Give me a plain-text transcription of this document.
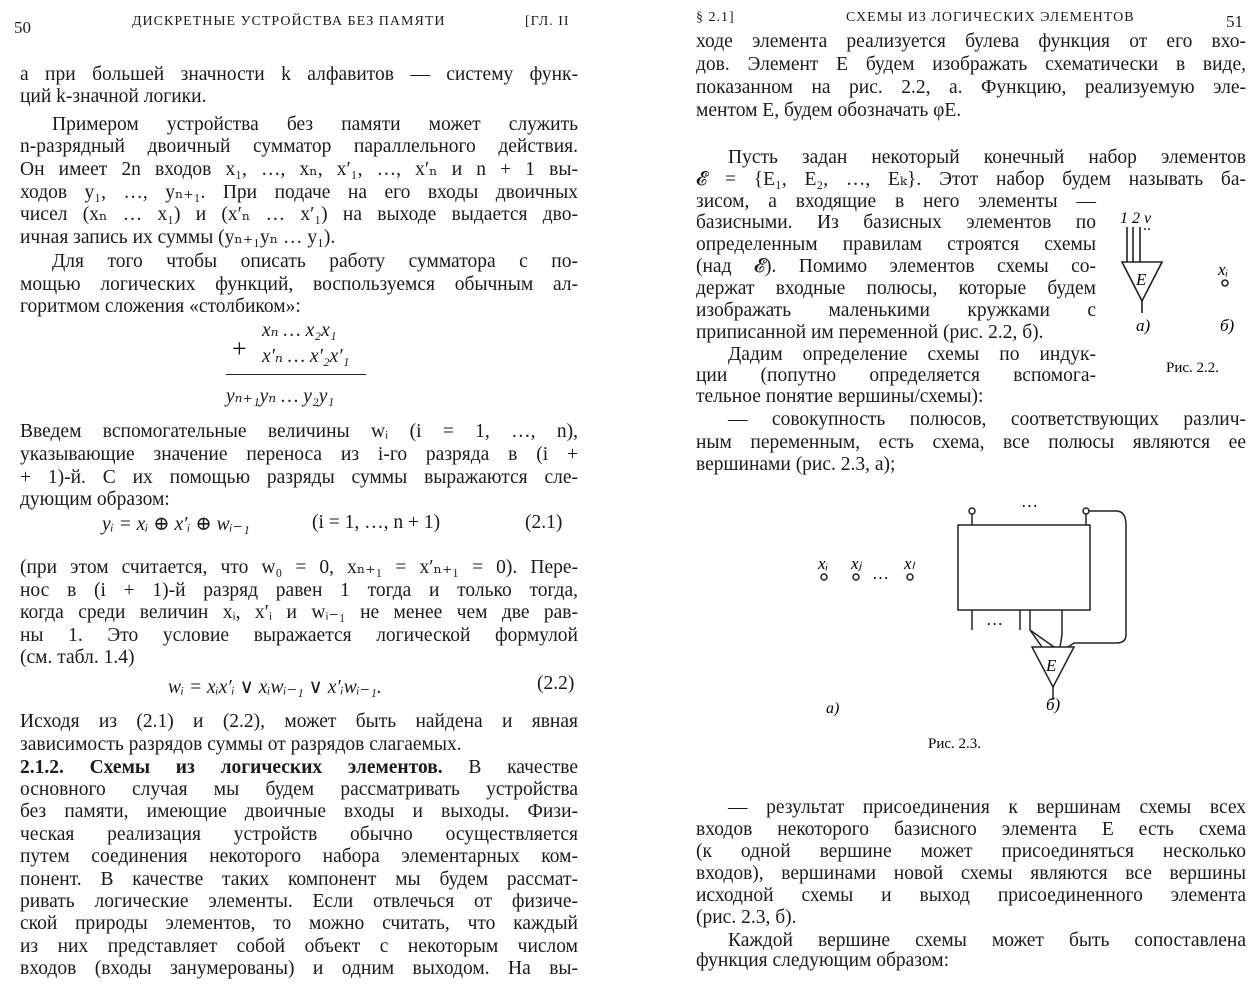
50	ДИСКРЕТНЫЕ УСТРОЙСТВА БЕЗ ПАМЯТИ	[ГЛ. II
а при большей значности k алфавитов — систему функ-
ций k-значной логики.
Примером устройства без памяти может служить
n-разрядный двоичный сумматор параллельного действия.
Он имеет 2n входов x₁, …, xₙ, x′₁, …, x′ₙ и n + 1 вы-
ходов y₁, …, yₙ₊₁. При подаче на его входы двоичных
чисел (xₙ … x₁) и (x′ₙ … x′₁) на выходе выдается дво-
ичная запись их суммы (yₙ₊₁yₙ … y₁).
Для того чтобы описать работу сумматора с по-
мощью логических функций, воспользуемся обычным ал-
горитмом сложения «столбиком»:
Введем вспомогательные величины wᵢ (i = 1, …, n),
указывающие значение переноса из i-го разряда в (i +
+ 1)-й. С их помощью разряды суммы выражаются сле-
дующим образом:
(при этом считается, что w₀ = 0, xₙ₊₁ = x′ₙ₊₁ = 0). Пере-
нос в (i + 1)-й разряд равен 1 тогда и только тогда,
когда среди величин xᵢ, x′ᵢ и wᵢ₋₁ не менее чем две рав-
ны 1. Это условие выражается логической формулой
(см. табл. 1.4)
Исходя из (2.1) и (2.2), может быть найдена и явная
зависимость разрядов суммы от разрядов слагаемых.
основного случая мы будем рассматривать устройства
без памяти, имеющие двоичные входы и выходы. Физи-
ческая реализация устройств обычно осуществляется
путем соединения некоторого набора элементарных ком-
понент. В качестве таких компонент мы будем рассмат-
ривать логические элементы. Если отвлечься от физиче-
ской природы элементов, то можно считать, что каждый
из них представляет собой объект с некоторым числом
входов (входы занумерованы) и одним выходом. На вы-
xₙ … x₂x₁
+ x′ₙ … x′₂x′₁
yₙ₊₁yₙ … y₂y₁
yᵢ = xᵢ ⊕ x′ᵢ ⊕ wᵢ₋₁	(i = 1, …, n + 1)	(2.1)
wᵢ = xᵢx′ᵢ ∨ xᵢwᵢ₋₁ ∨ x′ᵢwᵢ₋₁.	(2.2)
2.1.2. Схемы из логических элементов. В качестве
§ 2.1]	СХЕМЫ ИЗ ЛОГИЧЕСКИХ ЭЛЕМЕНТОВ	51
ходе элемента реализуется булева функция от его вхо-
дов. Элемент E будем изображать схематически в виде,
показанном на рис. 2.2, а. Функцию, реализуемую эле-
ментом E, будем обозначать φE.
Пусть задан некоторый конечный набор элементов
𝓔 = {E₁, E₂, …, Eₖ}. Этот набор будем называть ба-
зисом, а входящие в него элементы —
базисными. Из базисных элементов по
определенным правилам строятся схемы
(над 𝓔). Помимо элементов схемы со-
держат входные полюсы, которые будем
изображать маленькими кружками с
приписанной им переменной (рис. 2.2, б).
Дадим определение схемы по индук-
ции (попутно определяется вспомога-
тельное понятие вершины/схемы):
— совокупность полюсов, соответствующих различ-
ным переменным, есть схема, все полюсы являются ее
вершинами (рис. 2.3, а);
— результат присоединения к вершинам схемы всех
входов некоторого базисного элемента E есть схема
(к одной вершине может присоединяться несколько
входов), вершинами новой схемы являются все вершины
исходной схемы и выход присоединенного элемента
(рис. 2.3, б).
Каждой вершине схемы может быть сопоставлена
функция следующим образом:
1 2 v
E
xᵢ
а)	б)
Рис. 2.2.
xᵢ xⱼ
…
xₗ
…
…
E
а)	б)
Рис. 2.3.
